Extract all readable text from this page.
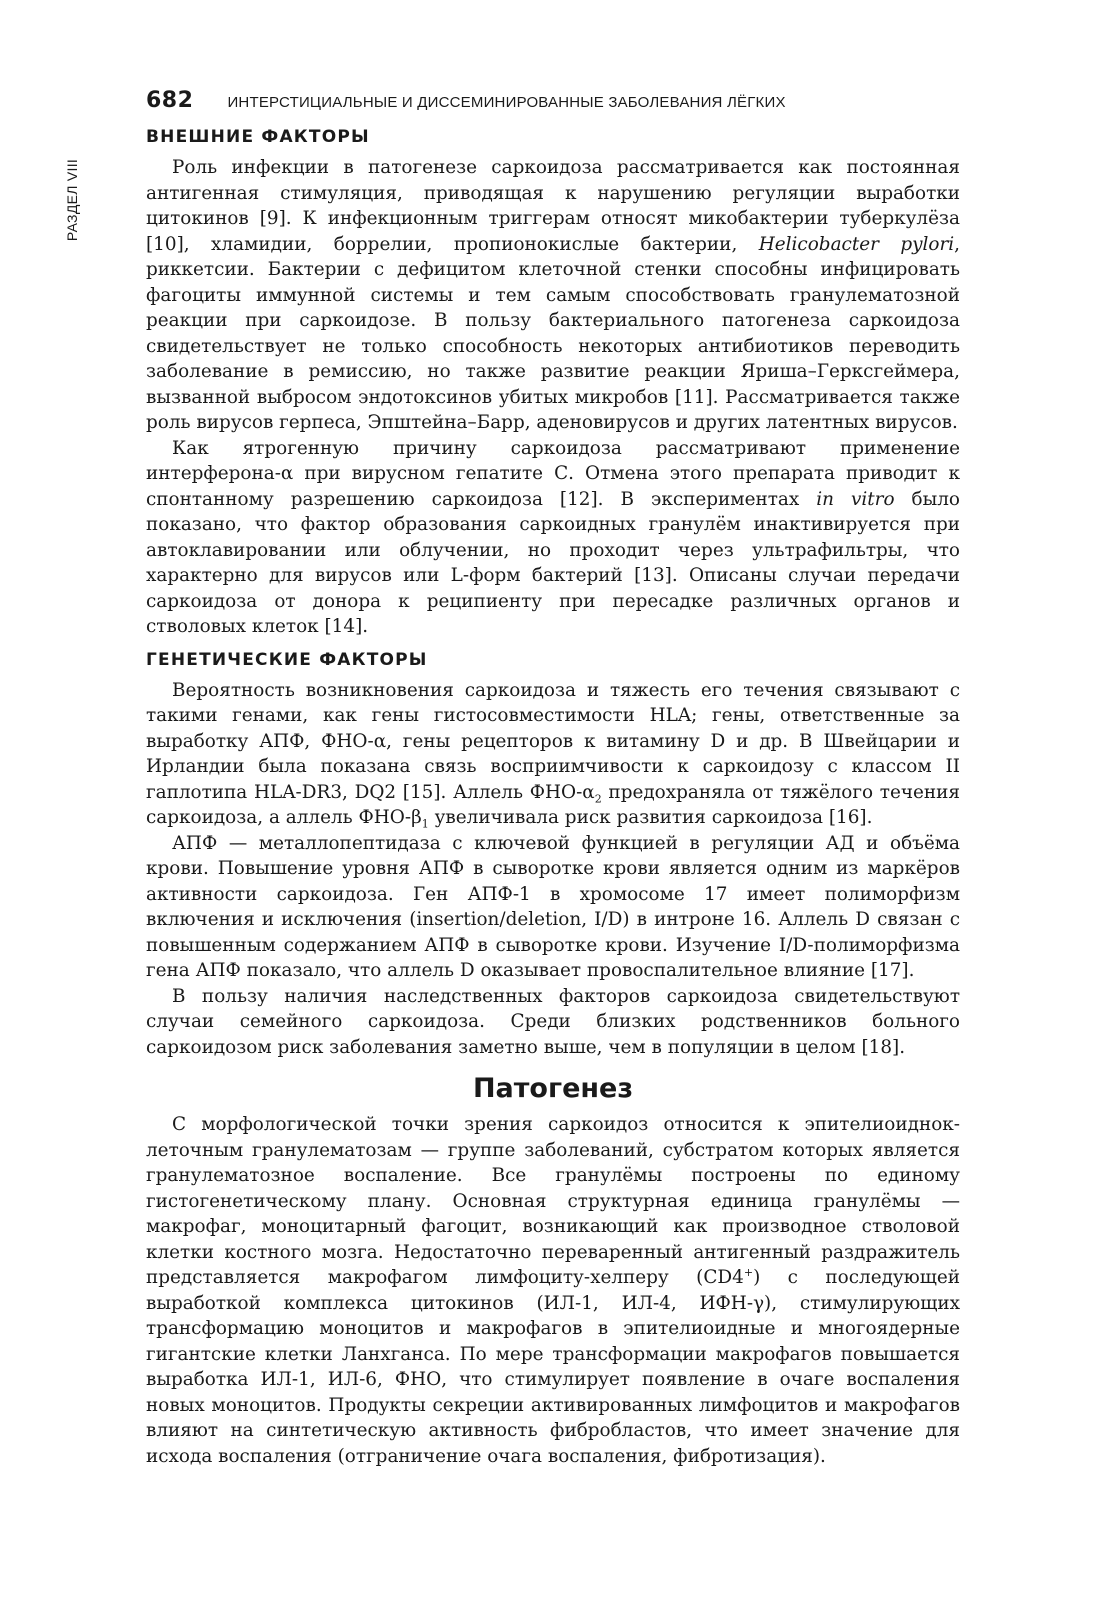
РАЗДЕЛ VIII
682 ИНТЕРСТИЦИАЛЬНЫЕ И ДИССЕМИНИРОВАННЫЕ ЗАБОЛЕВАНИЯ ЛЁГКИХ
ВНЕШНИЕ ФАКТОРЫ

Роль инфекции в патогенезе саркоидоза рассматривается как постоянная антигенная стимуляция, приводящая к нарушению регуляции выработки цитокинов [9]. К инфекционным триггерам относят микобактерии туберкулёза [10], хламидии, боррелии, пропионокислые бактерии, Helicobacter pylori, риккетсии. Бактерии с дефицитом клеточной стенки способны инфицировать фагоциты иммунной системы и тем самым способствовать гранулематозной реакции при саркоидозе. В пользу бактериального патогенеза саркоидоза свидетельствует не только способность некоторых антибиотиков переводить заболевание в ремиссию, но также развитие реакции Яриша–Герксгеймера, вызванной выбросом эндотоксинов убитых микробов [11]. Рассматривается также роль вирусов герпеса, Эпштейна–Барр, аденовирусов и других латентных вирусов.

Как ятрогенную причину саркоидоза рассматривают применение интерферона-α при вирусном гепатите С. Отмена этого препарата приводит к спонтанному разрешению саркоидоза [12]. В экспериментах in vitro было показано, что фактор образования саркоидных гранулём инактивируется при автоклавировании или облучении, но проходит через ультрафильтры, что характерно для вирусов или L-форм бактерий [13]. Описаны случаи передачи саркоидоза от донора к реципиенту при пересадке различных органов и стволовых клеток [14].

ГЕНЕТИЧЕСКИЕ ФАКТОРЫ

Вероятность возникновения саркоидоза и тяжесть его течения связывают с такими генами, как гены гистосовместимости HLA; гены, ответственные за выработку АПФ, ФНО-α, гены рецепторов к витамину D и др. В Швейцарии и Ирландии была показана связь восприимчивости к саркоидозу с классом II гаплотипа HLA-DR3, DQ2 [15]. Аллель ФНО-$\alpha_2$ предохраняла от тяжёлого течения саркоидоза, а аллель ФНО-$\beta_1$ увеличивала риск развития саркоидоза [16].

АПФ — металлопептидаза с ключевой функцией в регуляции АД и объёма крови. Повышение уровня АПФ в сыворотке крови является одним из маркёров активности саркоидоза. Ген АПФ-1 в хромосоме 17 имеет полиморфизм включения и исключения (insertion/deletion, I/D) в интроне 16. Аллель D связан с повышенным содержанием АПФ в сыворотке крови. Изучение I/D-полиморфизма гена АПФ показало, что аллель D оказывает провоспалительное влияние [17].

В пользу наличия наследственных факторов саркоидоза свидетельствуют случаи семейного саркоидоза. Среди близких родственников больного саркоидозом риск заболевания заметно выше, чем в популяции в целом [18].

Патогенез

С морфологической точки зрения саркоидоз относится к эпителиоидноклеточным гранулематозам — группе заболеваний, субстратом которых является гранулематозное воспаление. Все гранулёмы построены по единому гистогенетическому плану. Основная структурная единица гранулёмы — макрофаг, моноцитарный фагоцит, возникающий как производное стволовой клетки костного мозга. Недостаточно переваренный антигенный раздражитель представляется макрофагом лимфоциту-хелперу (CD4+) с последующей выработкой комплекса цитокинов (ИЛ-1, ИЛ-4, ИФН-γ), стимулирующих трансформацию моноцитов и макрофагов в эпителиоидные и многоядерные гигантские клетки Ланхганса. По мере трансформации макрофагов повышается выработка ИЛ-1, ИЛ-6, ФНО, что стимулирует появление в очаге воспаления новых моноцитов. Продукты секреции активированных лимфоцитов и макрофагов влияют на синтетическую активность фибробластов, что имеет значение для исхода воспаления (отграничение очага воспаления, фибротизация).
